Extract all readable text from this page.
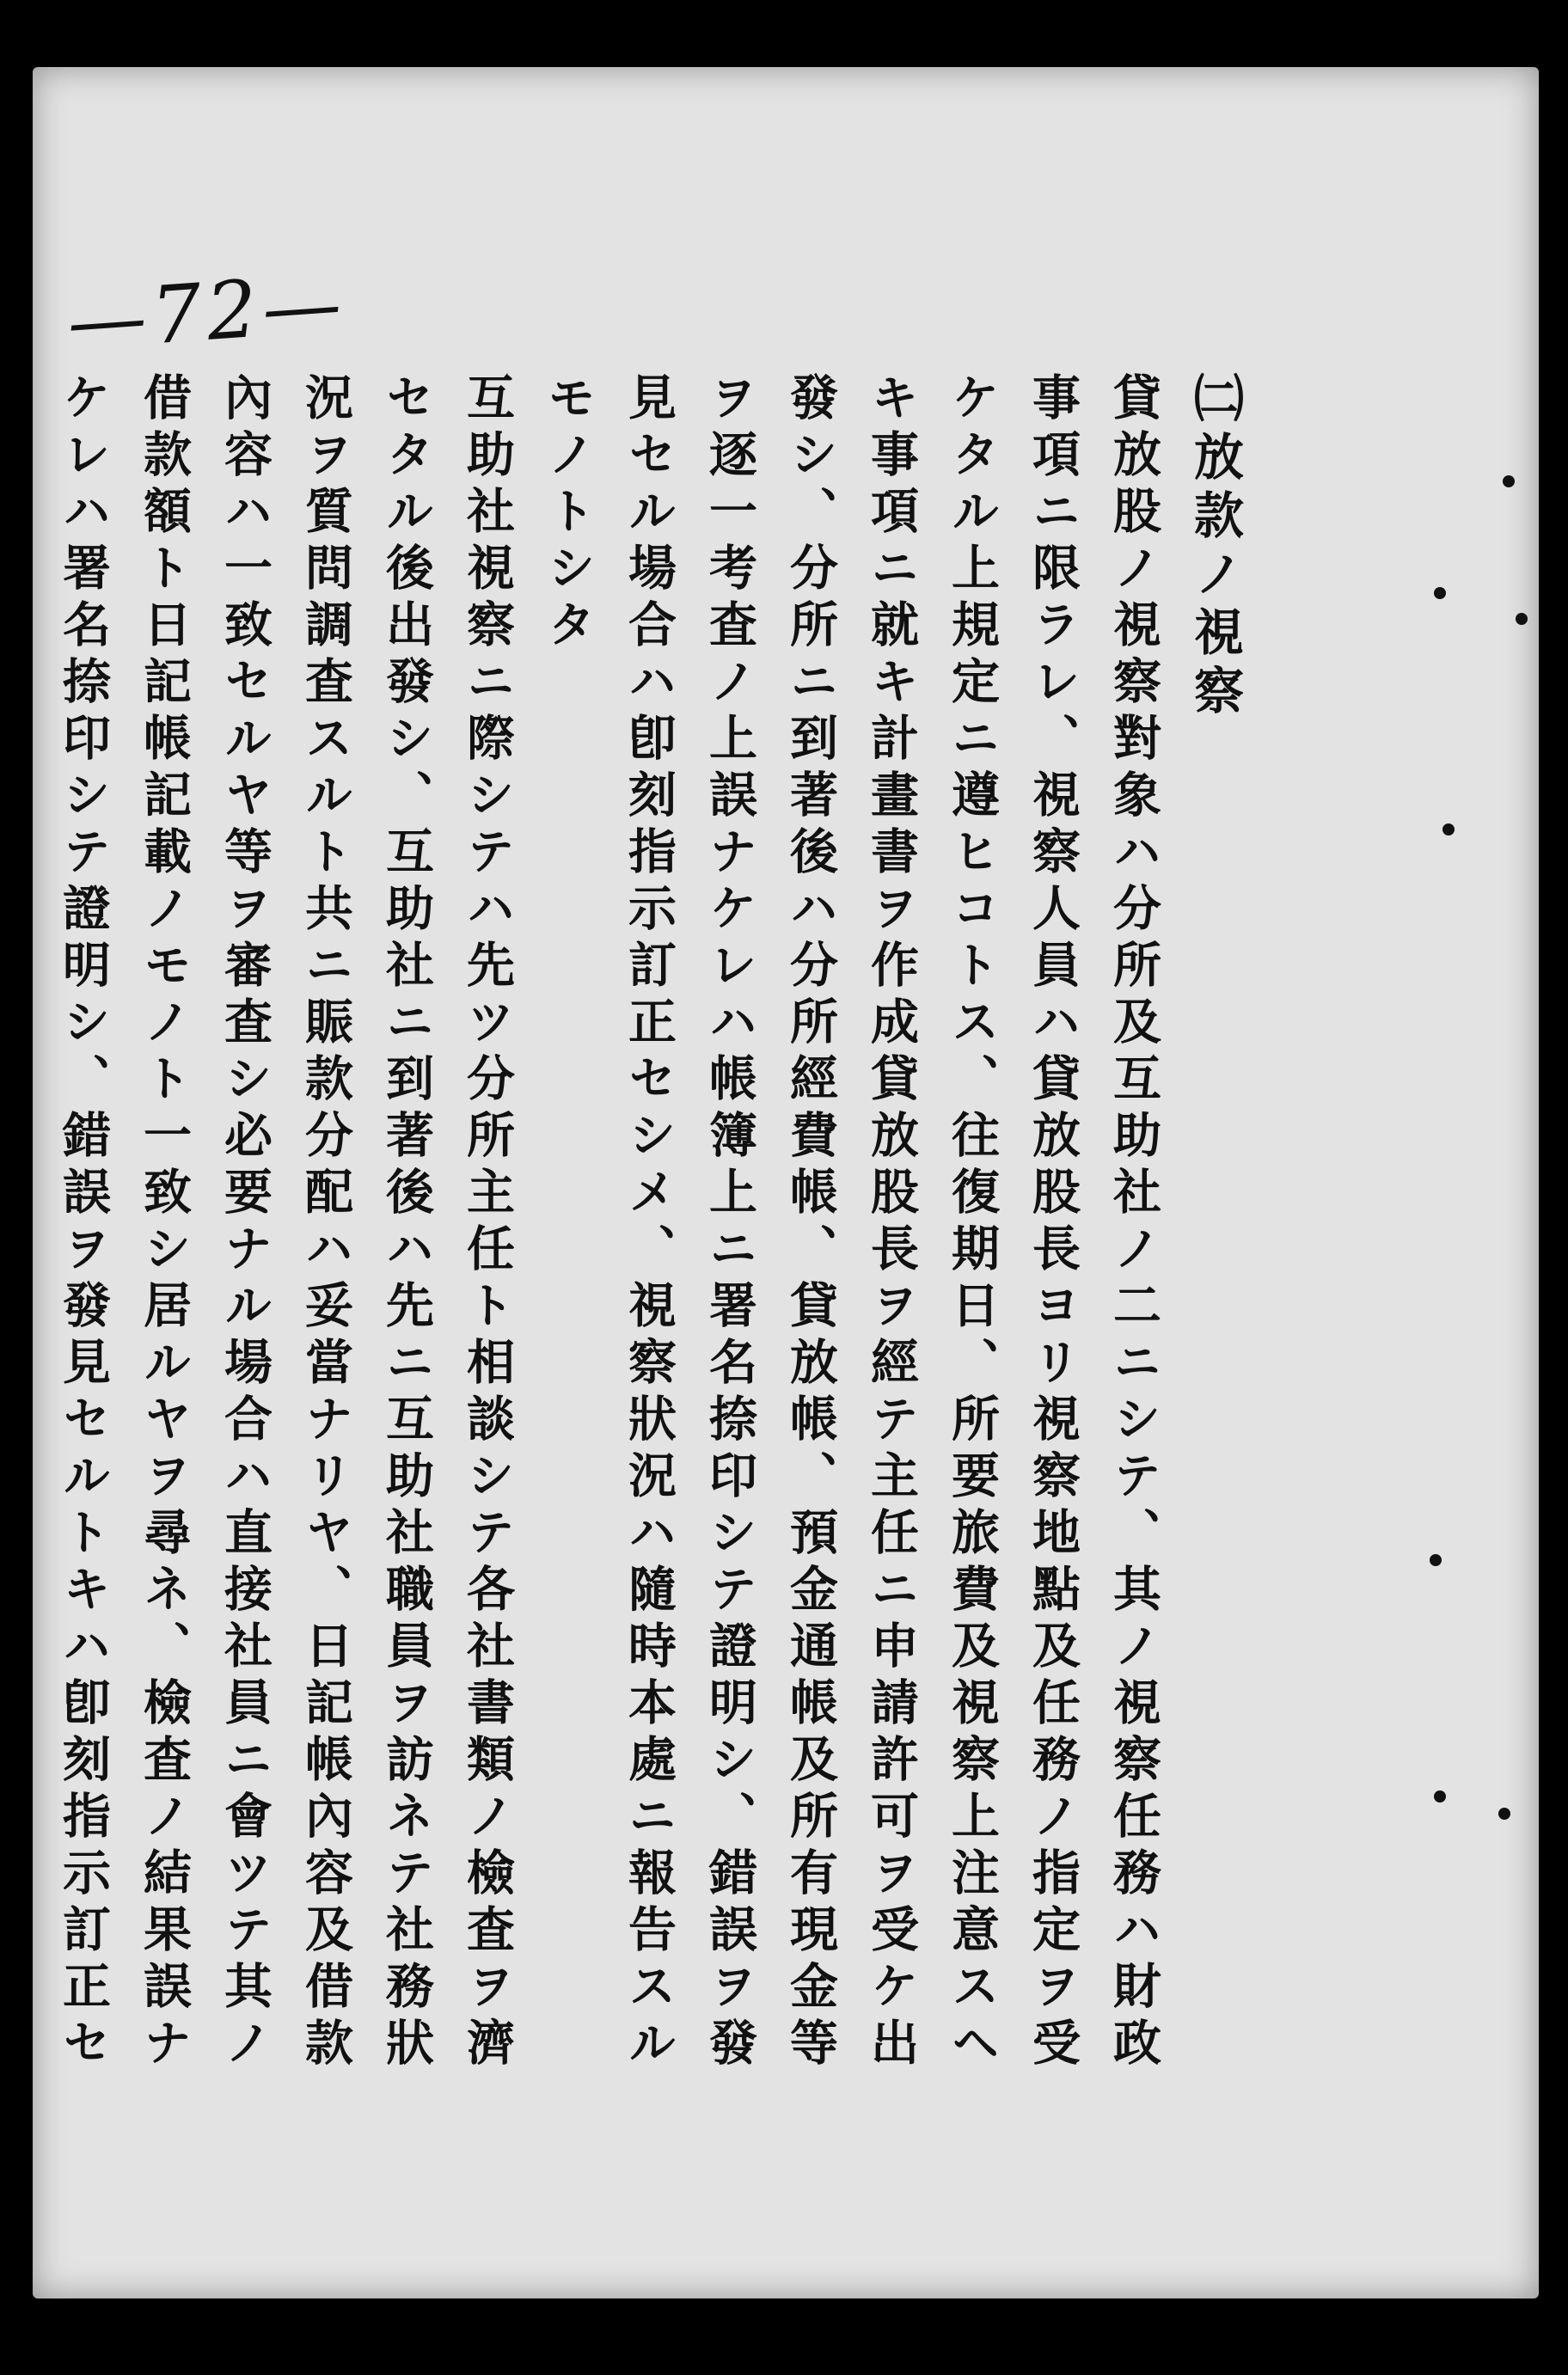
—72—
㈡放款ノ視察
貸放股ノ視察對象ハ分所及互助社ノ二ニシテ、其ノ視察任務ハ財政
事項ニ限ラレ、視察人員ハ貸放股長ヨリ視察地點及任務ノ指定ヲ受
ケタル上規定ニ遵ヒコトス、往復期日、所要旅費及視察上注意スヘ
キ事項ニ就キ計畫書ヲ作成貸放股長ヲ經テ主任ニ申請許可ヲ受ケ出
發シ、分所ニ到著後ハ分所經費帳、貸放帳、預金通帳及所有現金等
ヲ逐一考査ノ上誤ナケレハ帳簿上ニ署名捺印シテ證明シ、錯誤ヲ發
見セル場合ハ卽刻指示訂正セシメ、視察狀況ハ隨時本處ニ報告スル
モノトシタ
互助社視察ニ際シテハ先ツ分所主任ト相談シテ各社書類ノ檢査ヲ濟
セタル後出發シ、互助社ニ到著後ハ先ニ互助社職員ヲ訪ネテ社務狀
況ヲ質問調査スルト共ニ賑款分配ハ妥當ナリヤ、日記帳內容及借款
內容ハ一致セルヤ等ヲ審査シ必要ナル場合ハ直接社員ニ會ツテ其ノ
借款額ト日記帳記載ノモノト一致シ居ルヤヲ尋ネ、檢査ノ結果誤ナ
ケレハ署名捺印シテ證明シ、錯誤ヲ發見セルトキハ卽刻指示訂正セ
